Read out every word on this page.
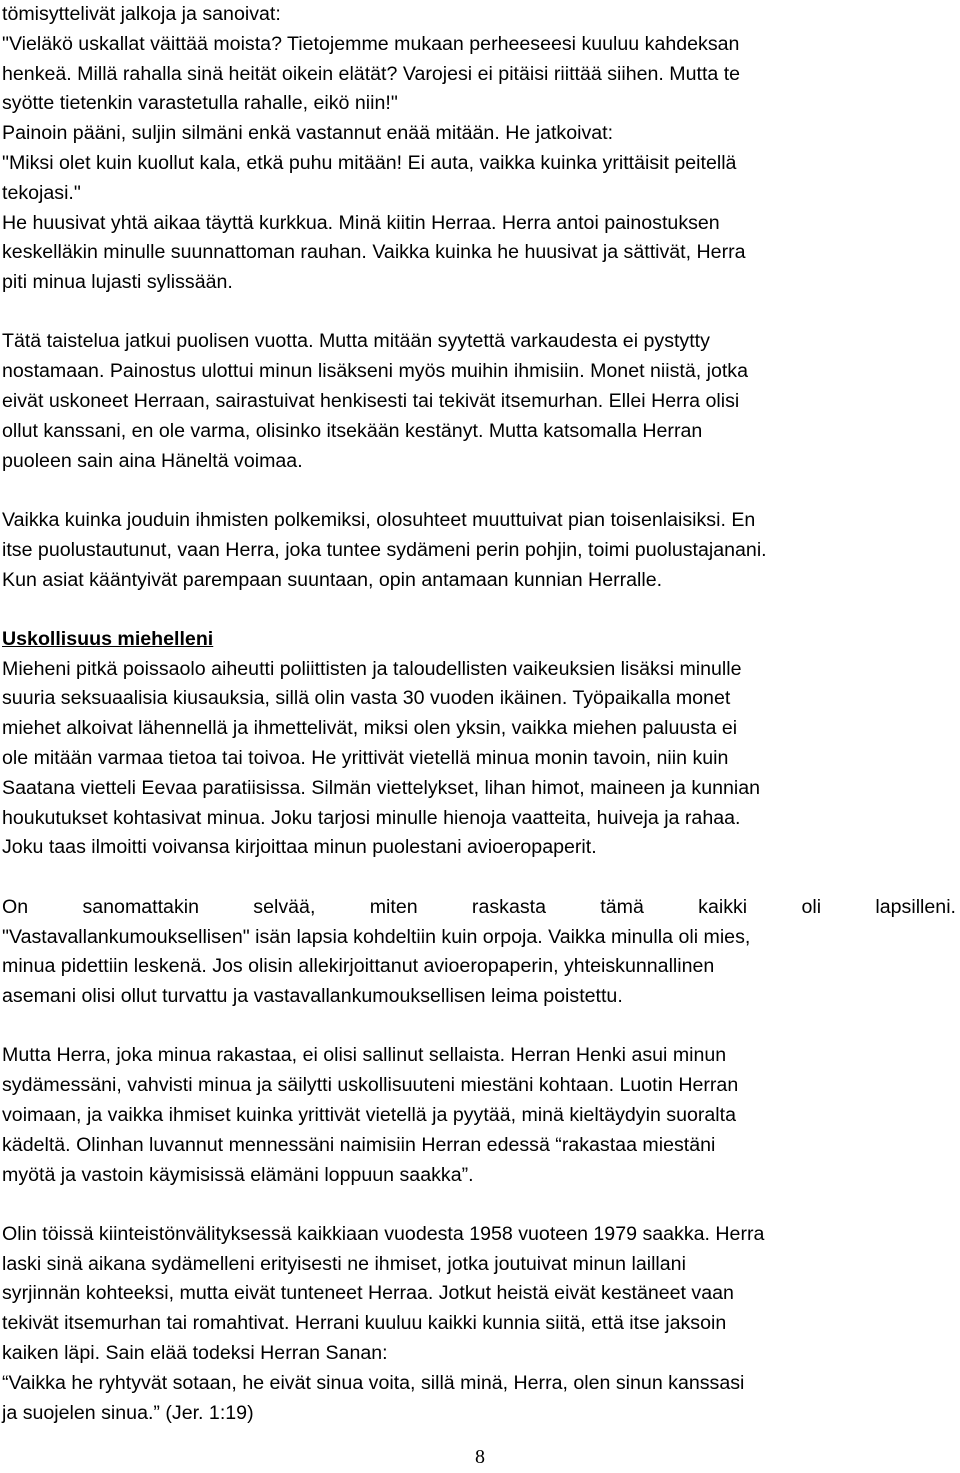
tömisyttelivät jalkoja ja sanoivat:

"Vieläkö uskallat väittää moista? Tietojemme mukaan perheeseesi kuuluu kahdeksan

henkeä. Millä rahalla sinä heität oikein elätät? Varojesi ei pitäisi riittää siihen. Mutta te

syötte tietenkin varastetulla rahalle, eikö niin!"

Painoin pääni, suljin silmäni enkä vastannut enää mitään. He jatkoivat:

"Miksi olet kuin kuollut kala, etkä puhu mitään! Ei auta, vaikka kuinka yrittäisit peitellä

tekojasi."

He huusivat yhtä aikaa täyttä kurkkua. Minä kiitin Herraa. Herra antoi painostuksen

keskelläkin minulle suunnattoman rauhan. Vaikka kuinka he huusivat ja sättivät, Herra

piti minua lujasti sylissään.

Tätä taistelua jatkui puolisen vuotta. Mutta mitään syytettä varkaudesta ei pystytty

nostamaan. Painostus ulottui minun lisäkseni myös muihin ihmisiin. Monet niistä, jotka

eivät uskoneet Herraan, sairastuivat henkisesti tai tekivät itsemurhan. Ellei Herra olisi

ollut kanssani, en ole varma, olisinko itsekään kestänyt. Mutta katsomalla Herran

puoleen sain aina Häneltä voimaa.

Vaikka kuinka jouduin ihmisten polkemiksi, olosuhteet muuttuivat pian toisenlaisiksi. En

itse puolustautunut, vaan Herra, joka tuntee sydämeni perin pohjin, toimi puolustajanani.

Kun asiat kääntyivät parempaan suuntaan, opin antamaan kunnian Herralle.

Uskollisuus miehelleni

Mieheni pitkä poissaolo aiheutti poliittisten ja taloudellisten vaikeuksien lisäksi minulle

suuria seksuaalisia kiusauksia, sillä olin vasta 30 vuoden ikäinen. Työpaikalla monet

miehet alkoivat lähennellä ja ihmettelivät, miksi olen yksin, vaikka miehen paluusta ei

ole mitään varmaa tietoa tai toivoa. He yrittivät vietellä minua monin tavoin, niin kuin

Saatana vietteli Eevaa paratiisissa. Silmän viettelykset, lihan himot, maineen ja kunnian

houkutukset kohtasivat minua. Joku tarjosi minulle hienoja vaatteita, huiveja ja rahaa.

Joku taas ilmoitti voivansa kirjoittaa minun puolestani avioeropaperit.

On sanomattakin selvää, miten raskasta tämä kaikki oli lapsilleni.

"Vastavallankumouksellisen" isän lapsia kohdeltiin kuin orpoja. Vaikka minulla oli mies,

minua pidettiin leskenä. Jos olisin allekirjoittanut avioeropaperin, yhteiskunnallinen

asemani olisi ollut turvattu ja vastavallankumouksellisen leima poistettu.

Mutta Herra, joka minua rakastaa, ei olisi sallinut sellaista. Herran Henki asui minun

sydämessäni, vahvisti minua ja säilytti uskollisuuteni miestäni kohtaan. Luotin Herran

voimaan, ja vaikka ihmiset kuinka yrittivät vietellä ja pyytää, minä kieltäydyin suoralta

kädeltä. Olinhan luvannut mennessäni naimisiin Herran edessä “rakastaa miestäni

myötä ja vastoin käymisissä elämäni loppuun saakka”.

Olin töissä kiinteistönvälityksessä kaikkiaan vuodesta 1958 vuoteen 1979 saakka. Herra

laski sinä aikana sydämelleni erityisesti ne ihmiset, jotka joutuivat minun laillani

syrjinnän kohteeksi, mutta eivät tunteneet Herraa. Jotkut heistä eivät kestäneet vaan

tekivät itsemurhan tai romahtivat. Herrani kuuluu kaikki kunnia siitä, että itse jaksoin

kaiken läpi. Sain elää todeksi Herran Sanan:

“Vaikka he ryhtyvät sotaan, he eivät sinua voita, sillä minä, Herra, olen sinun kanssasi

ja suojelen sinua.” (Jer. 1:19)

8
